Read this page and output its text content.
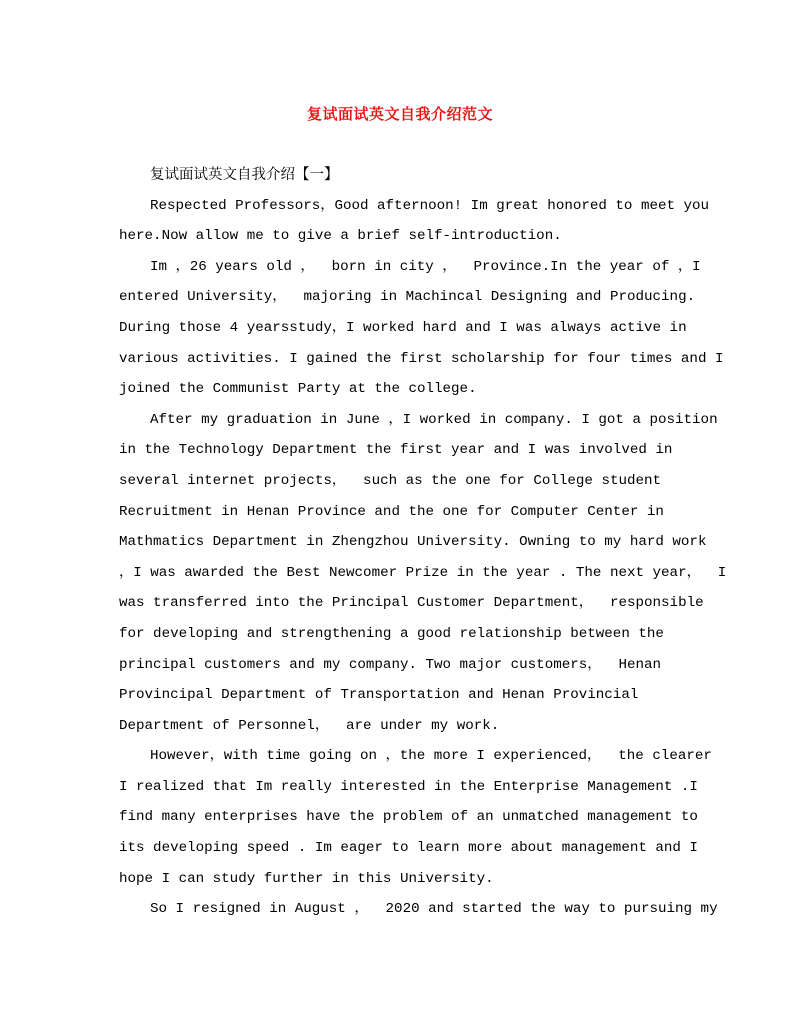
复试面试英文自我介绍范文
复试面试英文自我介绍【一】
Respected Professors，Good afternoon! Im great honored to meet you
here.Now allow me to give a brief self-introduction.
Im ，26 years old ，  born in city ，  Province.In the year of ，I
entered University，  majoring in Machincal Designing and Producing.
During those 4 yearsstudy，I worked hard and I was always active in
various activities. I gained the first scholarship for four times and I
joined the Communist Party at the college.
After my graduation in June ，I worked in company. I got a position
in the Technology Department the first year and I was involved in
several internet projects，  such as the one for College student
Recruitment in Henan Province and the one for Computer Center in
Mathmatics Department in Zhengzhou University. Owning to my hard work
，I was awarded the Best Newcomer Prize in the year . The next year，  I
was transferred into the Principal Customer Department，  responsible
for developing and strengthening a good relationship between the
principal customers and my company. Two major customers，  Henan
Provincipal Department of Transportation and Henan Provincial
Department of Personnel，  are under my work.
However，with time going on ，the more I experienced，  the clearer
I realized that Im really interested in the Enterprise Management .I
find many enterprises have the problem of an unmatched management to
its developing speed . Im eager to learn more about management and I
hope I can study further in this University.
So I resigned in August ，  2020 and started the way to pursuing my
